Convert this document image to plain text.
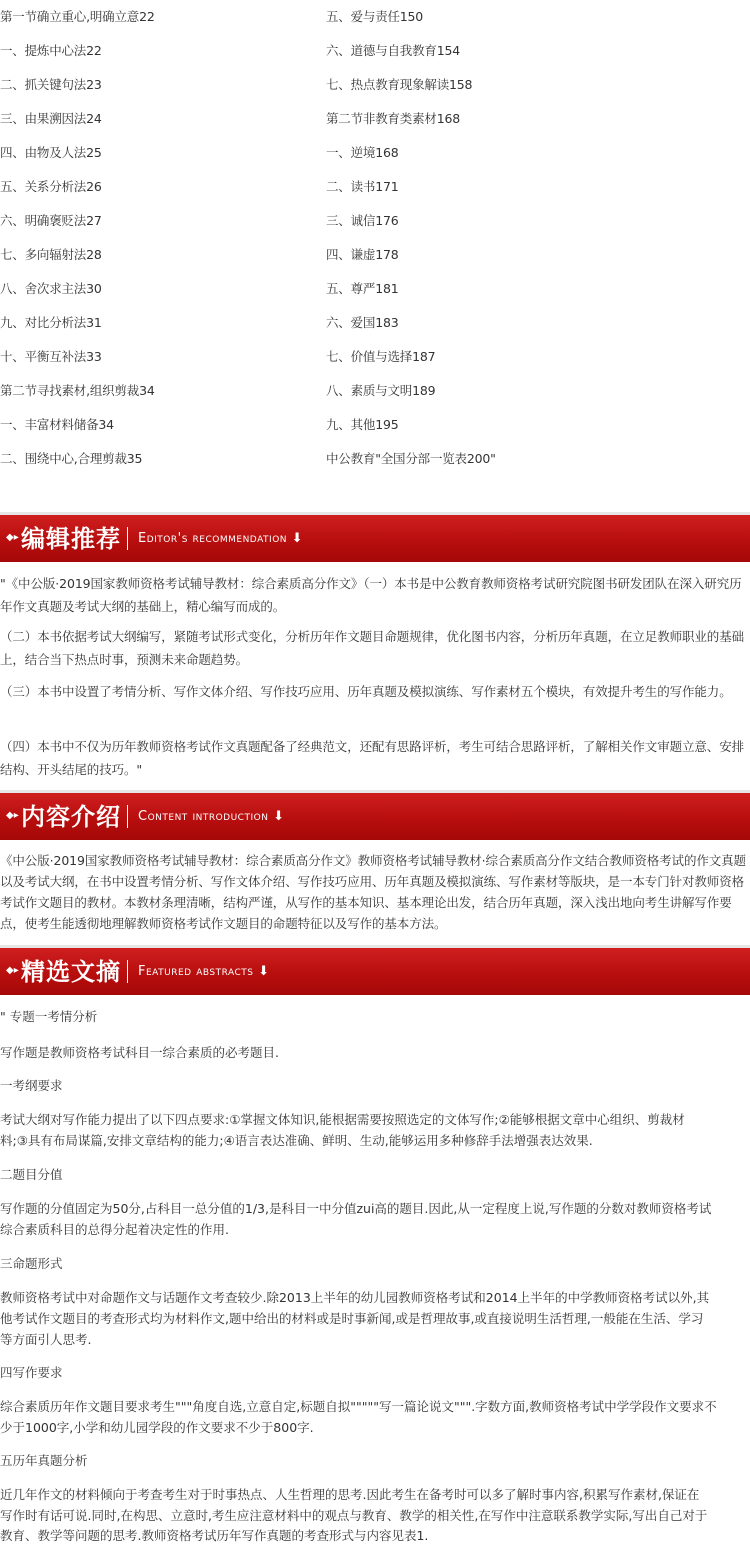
第一节确立重心,明确立意22
一、提炼中心法22
二、抓关键句法23
三、由果溯因法24
四、由物及人法25
五、关系分析法26
六、明确褒贬法27
七、多向辐射法28
八、舍次求主法30
九、对比分析法31
十、平衡互补法33
第二节寻找素材,组织剪裁34
一、丰富材料储备34
二、围绕中心,合理剪裁35
五、爱与责任150
六、道德与自我教育154
七、热点教育现象解读158
第二节非教育类素材168
一、逆境168
二、读书171
三、诚信176
四、谦虚178
五、尊严181
六、爱国183
七、价值与选择187
八、素质与文明189
九、其他195
中公教育"全国分部一览表200"
◆▸ 编辑推荐 Editor's recommendation ⬇
"《中公版·2019国家教师资格考试辅导教材：综合素质高分作文》（一）本书是中公教育教师资格考试研究院图书研发团队在深入研究历年作文真题及考试大纲的基础上，精心编写而成的。
（二）本书依据考试大纲编写，紧随考试形式变化，分析历年作文题目命题规律，优化图书内容，分析历年真题，在立足教师职业的基础上，结合当下热点时事，预测未来命题趋势。
（三）本书中设置了考情分析、写作文体介绍、写作技巧应用、历年真题及模拟演练、写作素材五个模块，有效提升考生的写作能力。
（四）本书中不仅为历年教师资格考试作文真题配备了经典范文，还配有思路评析，考生可结合思路评析，了解相关作文审题立意、安排结构、开头结尾的技巧。"
◆▸ 内容介绍 Content introduction ⬇
《中公版·2019国家教师资格考试辅导教材：综合素质高分作文》教师资格考试辅导教材·综合素质高分作文结合教师资格考试的作文真题以及考试大纲，在书中设置考情分析、写作文体介绍、写作技巧应用、历年真题及模拟演练、写作素材等版块，是一本专门针对教师资格考试作文题目的教材。本教材条理清晰，结构严谨，从写作的基本知识、基本理论出发，结合历年真题，深入浅出地向考生讲解写作要点，使考生能透彻地理解教师资格考试作文题目的命题特征以及写作的基本方法。
◆▸ 精选文摘 Featured abstracts ⬇
" 专题一考情分析
写作题是教师资格考试科目一综合素质的必考题目.
一考纲要求
考试大纲对写作能力提出了以下四点要求:①掌握文体知识,能根据需要按照选定的文体写作;②能够根据文章中心组织、剪裁材
料;③具有布局谋篇,安排文章结构的能力;④语言表达准确、鲜明、生动,能够运用多种修辞手法增强表达效果.
二题目分值
写作题的分值固定为50分,占科目一总分值的1/3,是科目一中分值zui高的题目.因此,从一定程度上说,写作题的分数对教师资格考试
综合素质科目的总得分起着决定性的作用.
三命题形式
教师资格考试中对命题作文与话题作文考查较少.除2013上半年的幼儿园教师资格考试和2014上半年的中学教师资格考试以外,其
他考试作文题目的考查形式均为材料作文,题中给出的材料或是时事新闻,或是哲理故事,或直接说明生活哲理,一般能在生活、学习
等方面引人思考.
四写作要求
综合素质历年作文题目要求考生"""角度自选,立意自定,标题自拟"""""写一篇论说文""".字数方面,教师资格考试中学学段作文要求不
少于1000字,小学和幼儿园学段的作文要求不少于800字.
五历年真题分析
近几年作文的材料倾向于考查考生对于时事热点、人生哲理的思考.因此考生在备考时可以多了解时事内容,积累写作素材,保证在
写作时有话可说.同时,在构思、立意时,考生应注意材料中的观点与教育、教学的相关性,在写作中注意联系教学实际,写出自己对于
教育、教学等问题的思考.教师资格考试历年写作真题的考查形式与内容见表1.
